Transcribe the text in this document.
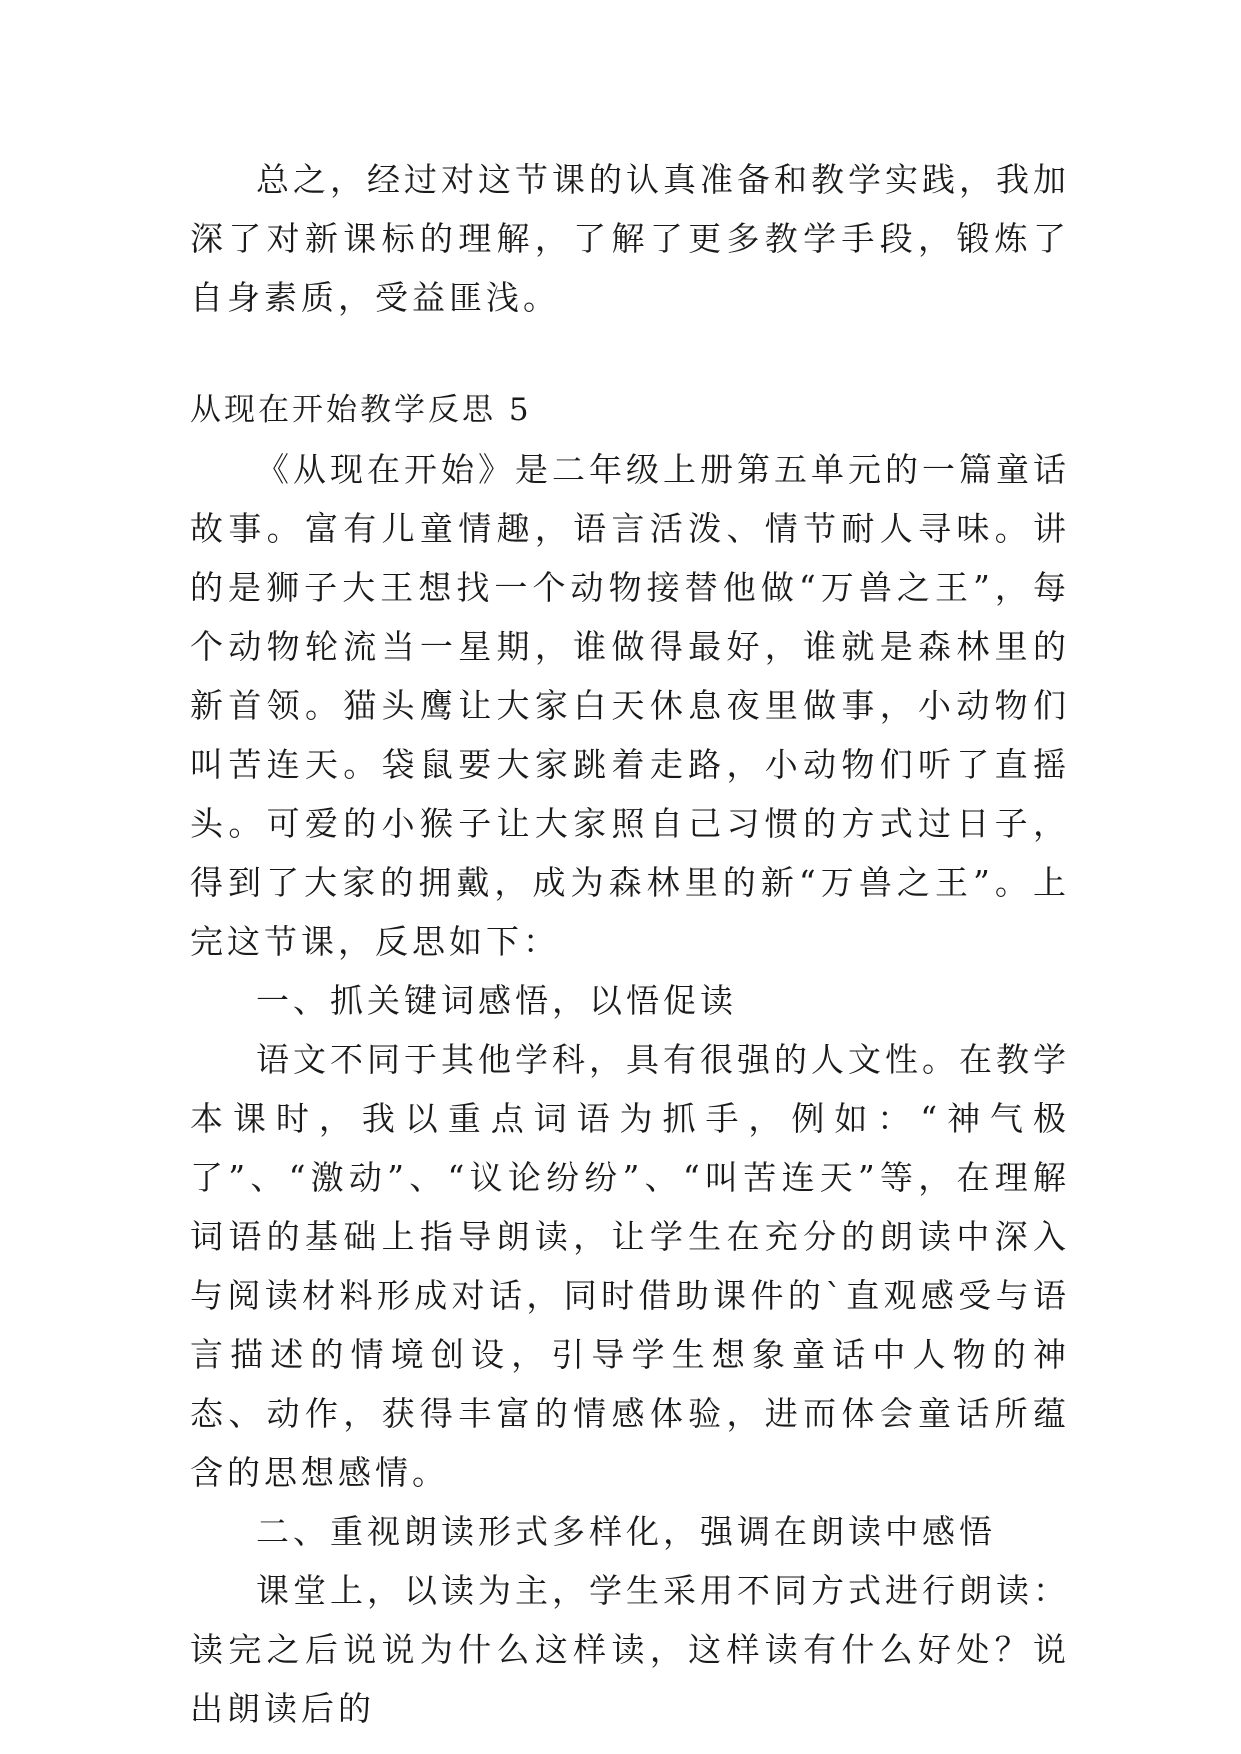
总之，经过对这节课的认真准备和教学实践，我加深了对新课标的理解，了解了更多教学手段，锻炼了自身素质，受益匪浅。

从现在开始教学反思 5

《从现在开始》是二年级上册第五单元的一篇童话故事。富有儿童情趣，语言活泼、情节耐人寻味。讲的是狮子大王想找一个动物接替他做“万兽之王”，每个动物轮流当一星期，谁做得最好，谁就是森林里的新首领。猫头鹰让大家白天休息夜里做事，小动物们叫苦连天。袋鼠要大家跳着走路，小动物们听了直摇头。可爱的小猴子让大家照自己习惯的方式过日子，得到了大家的拥戴，成为森林里的新“万兽之王”。上完这节课，反思如下：

一、抓关键词感悟，以悟促读

语文不同于其他学科，具有很强的人文性。在教学本课时，我以重点词语为抓手，例如：“神气极了”、“激动”、“议论纷纷”、“叫苦连天”等，在理解词语的基础上指导朗读，让学生在充分的朗读中深入与阅读材料形成对话，同时借助课件的`直观感受与语言描述的情境创设，引导学生想象童话中人物的神态、动作，获得丰富的情感体验，进而体会童话所蕴含的思想感情。

二、重视朗读形式多样化，强调在朗读中感悟

课堂上，以读为主，学生采用不同方式进行朗读：读完之后说说为什么这样读，这样读有什么好处？说出朗读后的
